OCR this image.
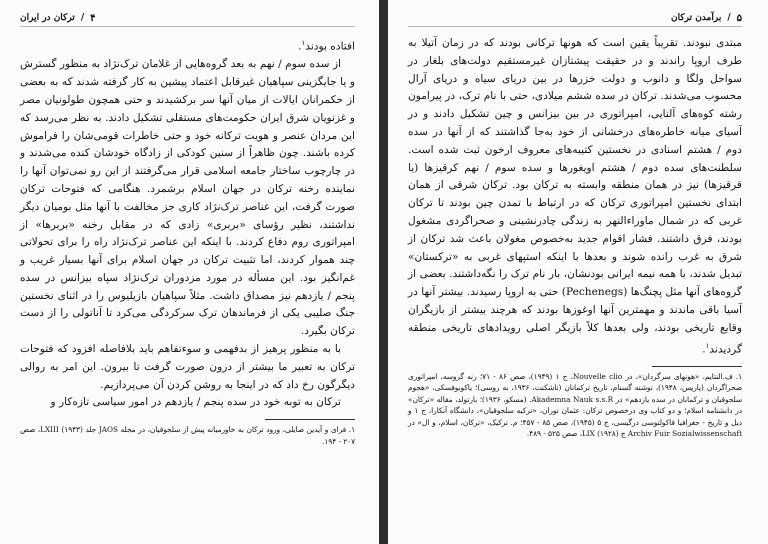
۴
/
ترکان در ایران

افتاده بودند$^۱$.

از سده سوم / نهم به بعد گروه‌هایی از غلامان ترک‌نژاد به منظور گسترش و یا جایگزینی سپاهیان غیرقابل اعتماد پیشین به کار گرفته شدند که به بعضی از حکمرانان ایالات از میان آنها سر برکشیدند و حتی همچون طولونیان مصر و غزنویان شرق ایران حکومت‌های مستقلی تشکیل دادند. به نظر می‌رسد که این مردان عنصر و هویت ترکانه خود و حتی خاطرات قومی‌شان را فراموش کرده باشند. چون ظاهراً از سنین کودکی از زادگاه خودشان کنده می‌شدند و در چارچوب ساختار جامعه اسلامی قرار می‌گرفتند از این رو نمی‌توان آنها را نماینده رخنه ترکان در جهان اسلام برشمرد. هنگامی که فتوحات ترکان صورت گرفت، این عناصر ترک‌نژاد کاری جز مخالفت با آنها مثل بومیان دیگر نداشتند، نظیر رؤسای «بربری» زادی که در مقابل رخنه «بربرها» از امپراتوری روم دفاع کردند. با اینکه این عناصر ترک‌نژاد راه را برای تحولاتی چند هموار کردند، اما تثبیت ترکان در جهان اسلام برای آنها بسیار غریب و غم‌انگیز بود. این مسأله در مورد مزدوران ترک‌نژاد سپاه بیزانس در سده پنجم / یازدهم نیز مصداق داشت. مثلاً سپاهیان بازیلیوس را در اثنای نخستین جنگ صلیبی یکی از فرماندهان ترک سرکردگی می‌کرد تا آناتولی را از دست ترکان بگیرد.

با به منظور پرهیز از بدفهمی و سوءتفاهم باید بلافاصله افزود که فتوحات ترکان به تعبیر ما بیشتر از درون صورت گرفت تا بیرون. این امر به روالی دیگرگون رخ داد که در اینجا به روشن کردن آن می‌پردازیم.

ترکان به توبه خود در سده پنجم / یازدهم در امور سیاسی تازه‌کار و

۱. فرای و آیدین صایلی، ورود ترکان به خاورمیانه پیش از سلجوقیان، در مجله JAOS جلد LXIII (۱۹۴۳)، صص ۲۰۷ - ۱۹۴.

۵
/
برآمدن ترکان

مبتدی نبودند. تقریباً یقین است که هونها ترکانی بودند که در زمان آتیلا به طرف اروپا راندند و در حقیقت پیشتازان غیرمستقیم دولت‌های بلغار در سواحل ولگا و دانوب و دولت خزرها در بین دریای سیاه و دریای آرال محسوب می‌شدند. ترکان در سده ششم میلادی، حتی با نام ترک، در پیرامون رشته کوه‌های آلتایی، امپراتوری در بین بیزانس و چین تشکیل دادند و در آسیای میانه خاطره‌های درخشانی از خود به‌جا گذاشتند که از آنها در سده دوم / هشتم اسنادی در نخستین کتیبه‌های معروف ارخون ثبت شده است. سلطنت‌های سده دوم / هشتم اویغورها و سده سوم / نهم کرقیزها (یا قرقیزها) نیز در همان منطقه وابسته به ترکان بود. ترکان شرقی از همان ابتدای نخستین امپراتوری ترکان که در ارتباط با تمدن چین بودند تا ترکان غربی که در شمال ماوراءالنهر به زندگی چادرنشینی و صحراگردی مشغول بودند، فرق داشتند. فشار اقوام جدید به‌خصوص مغولان باعث شد ترکان از شرق به غرب رانده شوند و بعدها با اینکه استپهای غربی به «ترکستان» تبدیل شدند، با همه نیمه ایرانی بودنشان، بار نام ترک را نگه‌داشتند. بعضی از گروه‌های آنها مثل پچنگ‌ها (Pechenegs) حتی به اروپا رسیدند. بیشتر آنها در آسیا باقی ماندند و مهمترین آنها اوغوزها بودند که هرچند بیشتر از بازیگران وقایع تاریخی بودند، ولی بعدها کلاً بازیگر اصلی رویدادهای تاریخی منطقه گردیدند$^۱$.

۱. ف.النتایم، «هونهای سرگردان»، در Nouvelle clio، ج ۱ (۱۹۴۹)، صص ۸۶ - ۷۱؛ رنه گروسه، امپراتوری صحراگردان (پاریس، ۱۹۴۸)، نوشته گسنام، تاریخ ترکمانان (تاشکنت، ۱۹۳۶، به روسی)؛ یاکوبوفسکی، «هجوم سلجوقیان و ترکمانان در سده یازدهم» در Akademna Nauk s.s.R. (مسکو، ۱۹۳۶)؛ بارتولد، مقاله «ترکان» در دانشنامه اسلام؛ و دو کتاب وی درخصوص ترکان: عثمان توران، «ترکیه سلجوقیان»، دانشگاه آنکارا، ج ۱ و دیل و تاریخ - جغرافیا فاکولتوسی درگیسی، ج ۵ (۱۹۴۵)، صص ۸۵ - ۴۵۷؛ م. ترکیک، «ترکان، اسلام، و ال» در Archiv Fuir Sozialwissenschaft ج LIX (۱۹۲۸)، صص ۵۲۵ - ۴۸۹.
